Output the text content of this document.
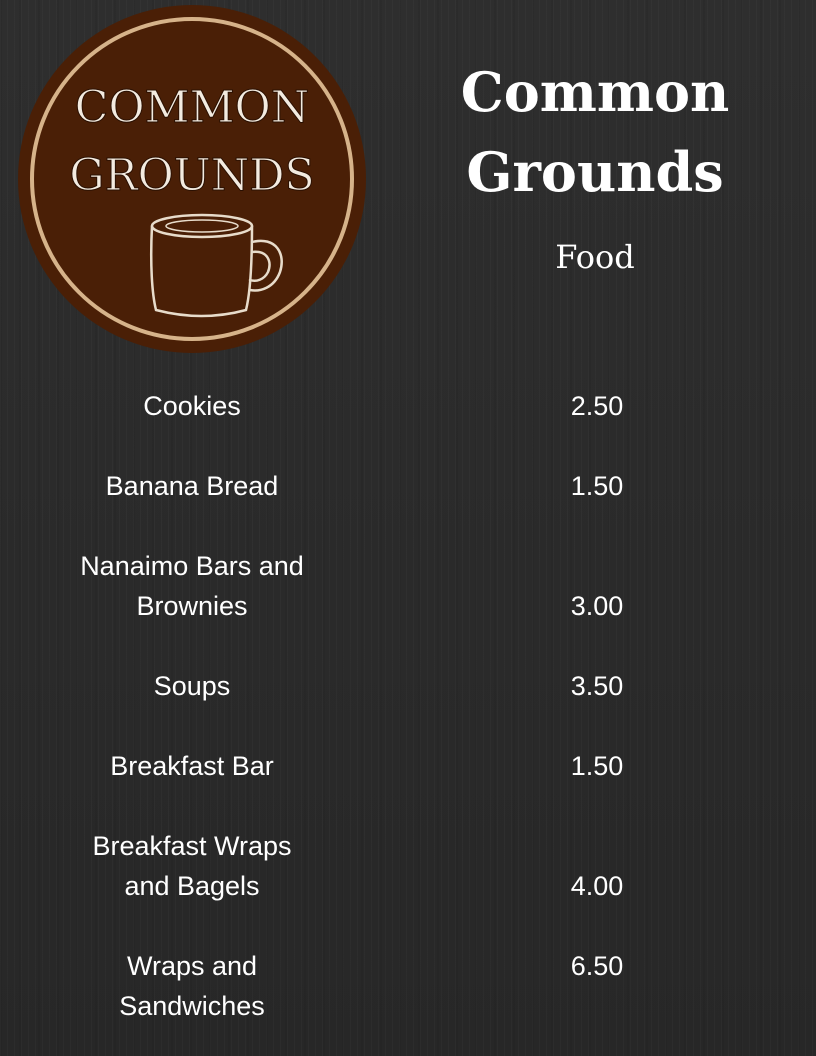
COMMON
GROUNDS
Common
Grounds
Food
Cookies	2.50
Banana Bread	1.50
Nanaimo Bars and
Brownies	3.00
Soups	3.50
Breakfast Bar	1.50
Breakfast Wraps
and Bagels	4.00
Wraps and
Sandwiches
6.50
